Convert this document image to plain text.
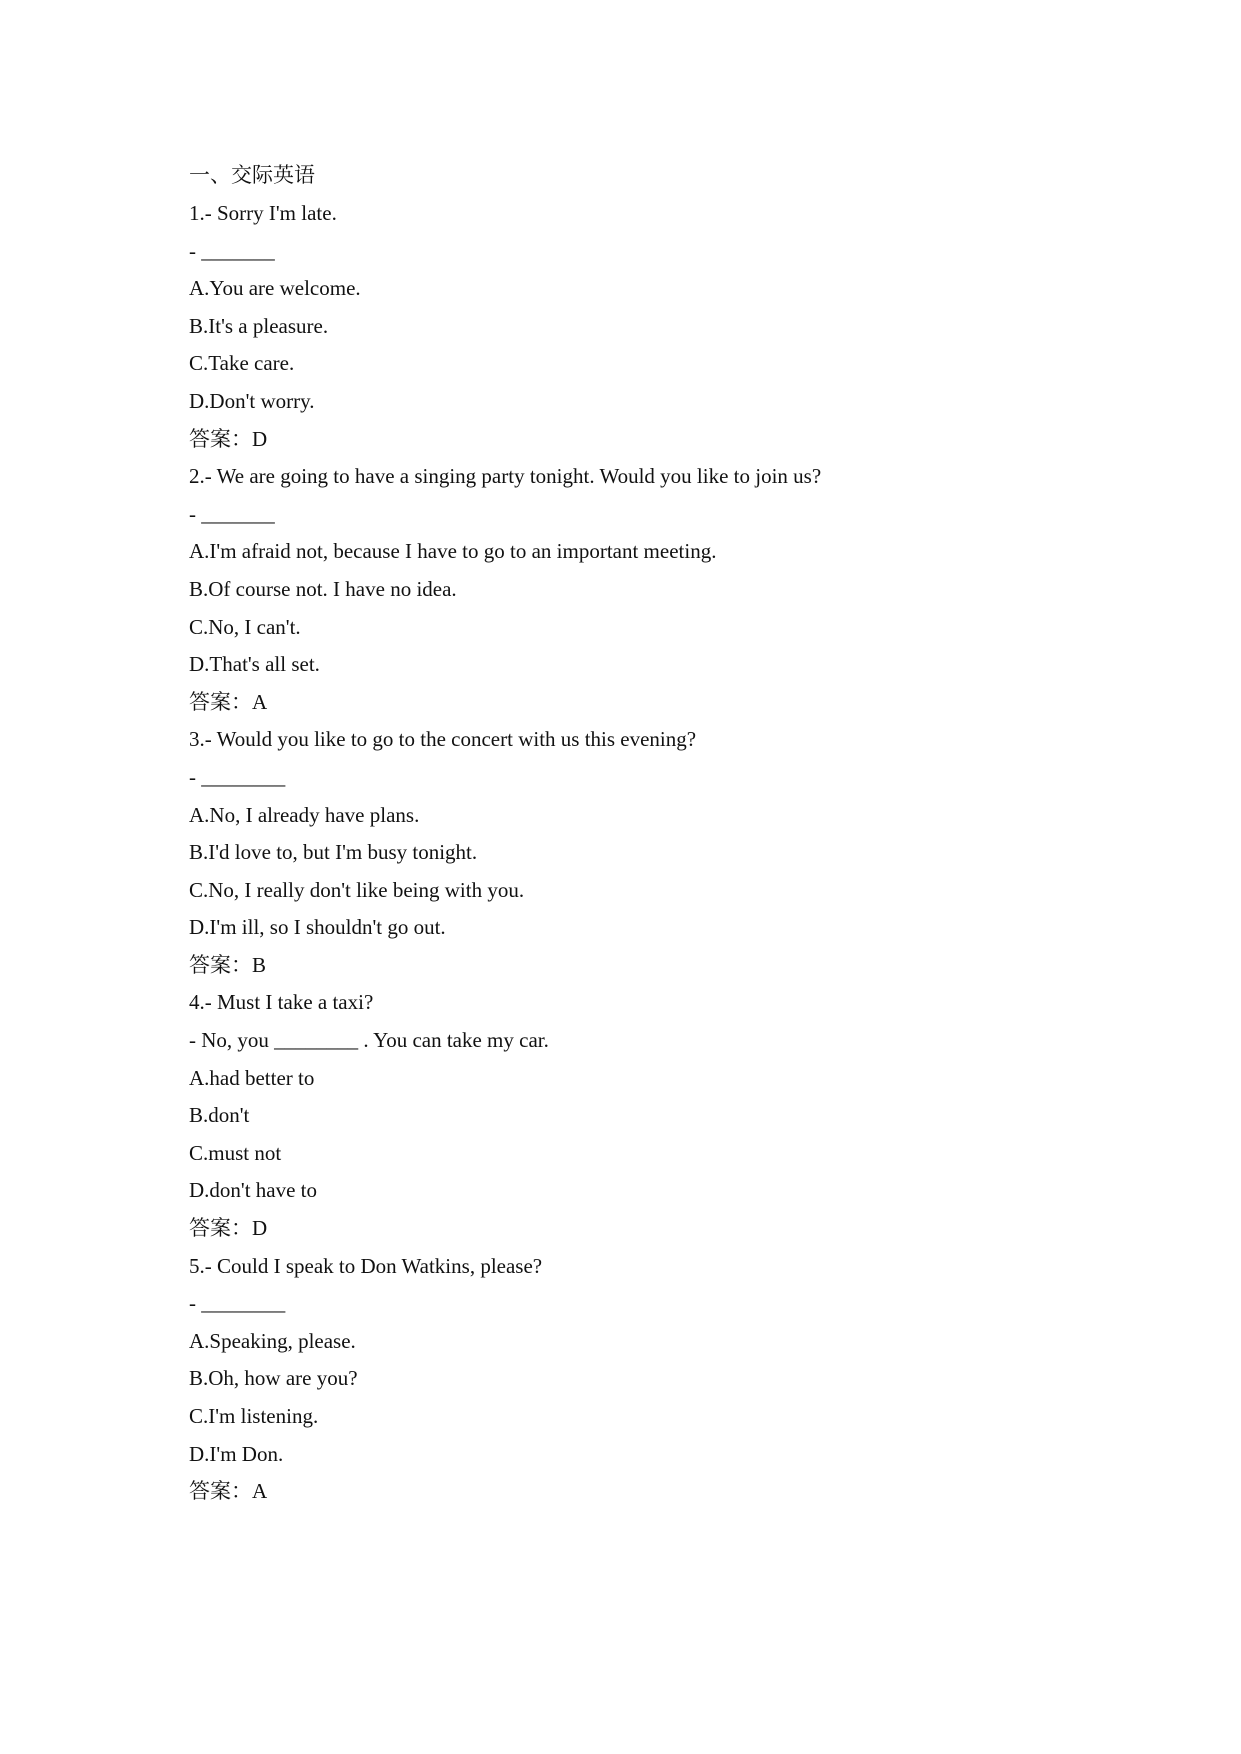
一、交际英语
1.- Sorry I'm late.
- _______
A.You are welcome.
B.It's a pleasure.
C.Take care.
D.Don't worry.
答案：D
2.- We are going to have a singing party tonight. Would you like to join us?
- _______
A.I'm afraid not, because I have to go to an important meeting.
B.Of course not. I have no idea.
C.No, I can't.
D.That's all set.
答案：A
3.- Would you like to go to the concert with us this evening?
- ________
A.No, I already have plans.
B.I'd love to, but I'm busy tonight.
C.No, I really don't like being with you.
D.I'm ill, so I shouldn't go out.
答案：B
4.- Must I take a taxi?
- No, you ________ . You can take my car.
A.had better to
B.don't
C.must not
D.don't have to
答案：D
5.- Could I speak to Don Watkins, please?
- ________
A.Speaking, please.
B.Oh, how are you?
C.I'm listening.
D.I'm Don.
答案：A
